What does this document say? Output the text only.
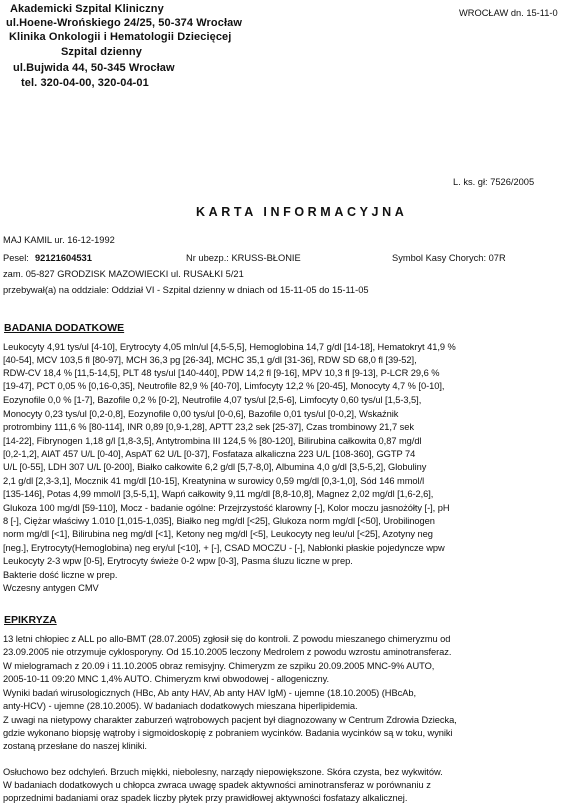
Akademicki Szpital Kliniczny
ul.Hoene-Wrońskiego 24/25, 50-374 Wrocław
Klinika Onkologii i Hematologii Dziecięcej
Szpital dzienny
ul.Bujwida 44, 50-345 Wrocław
tel. 320-04-00, 320-04-01
WROCŁAW dn. 15-11-0
L. ks. gł: 7526/2005
KARTA INFORMACYJNA
MAJ KAMIL ur. 16-12-1992
Pesel: 92121604531	Nr ubezp.: KRUSS-BŁONIE	Symbol Kasy Chorych: 07R
zam. 05-827 GRODZISK MAZOWIECKI ul. RUSAŁKI 5/21
przebywał(a) na oddziale: Oddział VI - Szpital dzienny w dniach od 15-11-05 do 15-11-05
BADANIA DODATKOWE
Leukocyty 4,91 tys/ul [4-10], Erytrocyty 4,05 mln/ul [4,5-5,5], Hemoglobina 14,7 g/dl [14-18], Hematokryt 41,9 %
[40-54], MCV 103,5 fl [80-97], MCH 36,3 pg [26-34], MCHC 35,1 g/dl [31-36], RDW SD 68,0 fl [39-52],
RDW-CV 18,4 % [11,5-14,5], PLT 48 tys/ul [140-440], PDW 14,2 fl [9-16], MPV 10,3 fl [9-13], P-LCR 29,6 %
[19-47], PCT 0,05 % [0,16-0,35], Neutrofile 82,9 % [40-70], Limfocyty 12,2 % [20-45], Monocyty 4,7 % [0-10],
Eozynofile 0,0 % [1-7], Bazofile 0,2 % [0-2], Neutrofile 4,07 tys/ul [2,5-6], Limfocyty 0,60 tys/ul [1,5-3,5],
Monocyty 0,23 tys/ul [0,2-0,8], Eozynofile 0,00 tys/ul [0-0,6], Bazofile 0,01 tys/ul [0-0,2], Wskaźnik
protrombiny 111,6 % [80-114], INR 0,89 [0,9-1,28], APTT 23,2 sek [25-37], Czas trombinowy 21,7 sek
[14-22], Fibrynogen 1,18 g/l [1,8-3,5], Antytrombina III 124,5 % [80-120], Bilirubina całkowita 0,87 mg/dl
[0,2-1,2], AlAT 457 U/L [0-40], AspAT 62 U/L [0-37], Fosfataza alkaliczna 223 U/L [108-360], GGTP 74
U/L [0-55], LDH 307 U/L [0-200], Białko całkowite 6,2 g/dl [5,7-8,0], Albumina 4,0 g/dl [3,5-5,2], Globuliny
2,1 g/dl [2,3-3,1], Mocznik 41 mg/dl [10-15], Kreatynina w surowicy 0,59 mg/dl [0,3-1,0], Sód 146 mmol/l
[135-146], Potas 4,99 mmol/l [3,5-5,1], Wapń całkowity 9,11 mg/dl [8,8-10,8], Magnez 2,02 mg/dl [1,6-2,6],
Glukoza 100 mg/dl [59-110], Mocz - badanie ogólne: Przejrzystość klarowny [-], Kolor moczu jasnożółty [-], pH
8 [-], Ciężar właściwy 1.010 [1,015-1,035], Białko neg mg/dl [<25], Glukoza norm mg/dl [<50], Urobilinogen
norm mg/dl [<1], Bilirubina neg mg/dl [<1], Ketony neg mg/dl [<5], Leukocyty neg leu/ul [<25], Azotyny neg
[neg.], Erytrocyty(Hemoglobina) neg ery/ul [<10], + [-], CSAD MOCZU - [-], Nabłonki płaskie pojedyncze wpw
Leukocyty 2-3 wpw [0-5], Erytrocyty świeże 0-2 wpw [0-3], Pasma śluzu liczne w prep.
Bakterie dość liczne w prep.
Wczesny antygen CMV
EPIKRYZA
13 letni chłopiec z ALL po allo-BMT (28.07.2005) zgłosił się do kontroli. Z powodu mieszanego chimeryzmu od
23.09.2005 nie otrzymuje cyklosporyny. Od 15.10.2005 leczony Medrolem z powodu wzrostu aminotransferaz.
W mielogramach z 20.09 i 11.10.2005 obraz remisyjny. Chimeryzm ze szpiku 20.09.2005 MNC-9% AUTO,
2005-10-11 09:20 MNC 1,4% AUTO. Chimeryzm krwi obwodowej - allogeniczny.
Wyniki badań wirusologicznych (HBc, Ab anty HAV, Ab anty HAV IgM) - ujemne (18.10.2005) (HBcAb,
anty-HCV) - ujemne (28.10.2005). W badaniach dodatkowych mieszana hiperlipidemia.
Z uwagi na nietypowy charakter zaburzeń wątrobowych pacjent był diagnozowany w Centrum Zdrowia Dziecka,
gdzie wykonano biopsję wątroby i sigmoidoskopię z pobraniem wycinków. Badania wycinków są w toku, wyniki
zostaną przesłane do naszej kliniki.
Osłuchowo bez odchyleń. Brzuch miękki, niebolesny, narządy niepowiększone. Skóra czysta, bez wykwitów.
W badaniach dodatkowych u chłopca zwraca uwagę spadek aktywności aminotransferaz w porównaniu z
poprzednimi badaniami oraz spadek liczby płytek przy prawidłowej aktywności fosfatazy alkalicznej.
